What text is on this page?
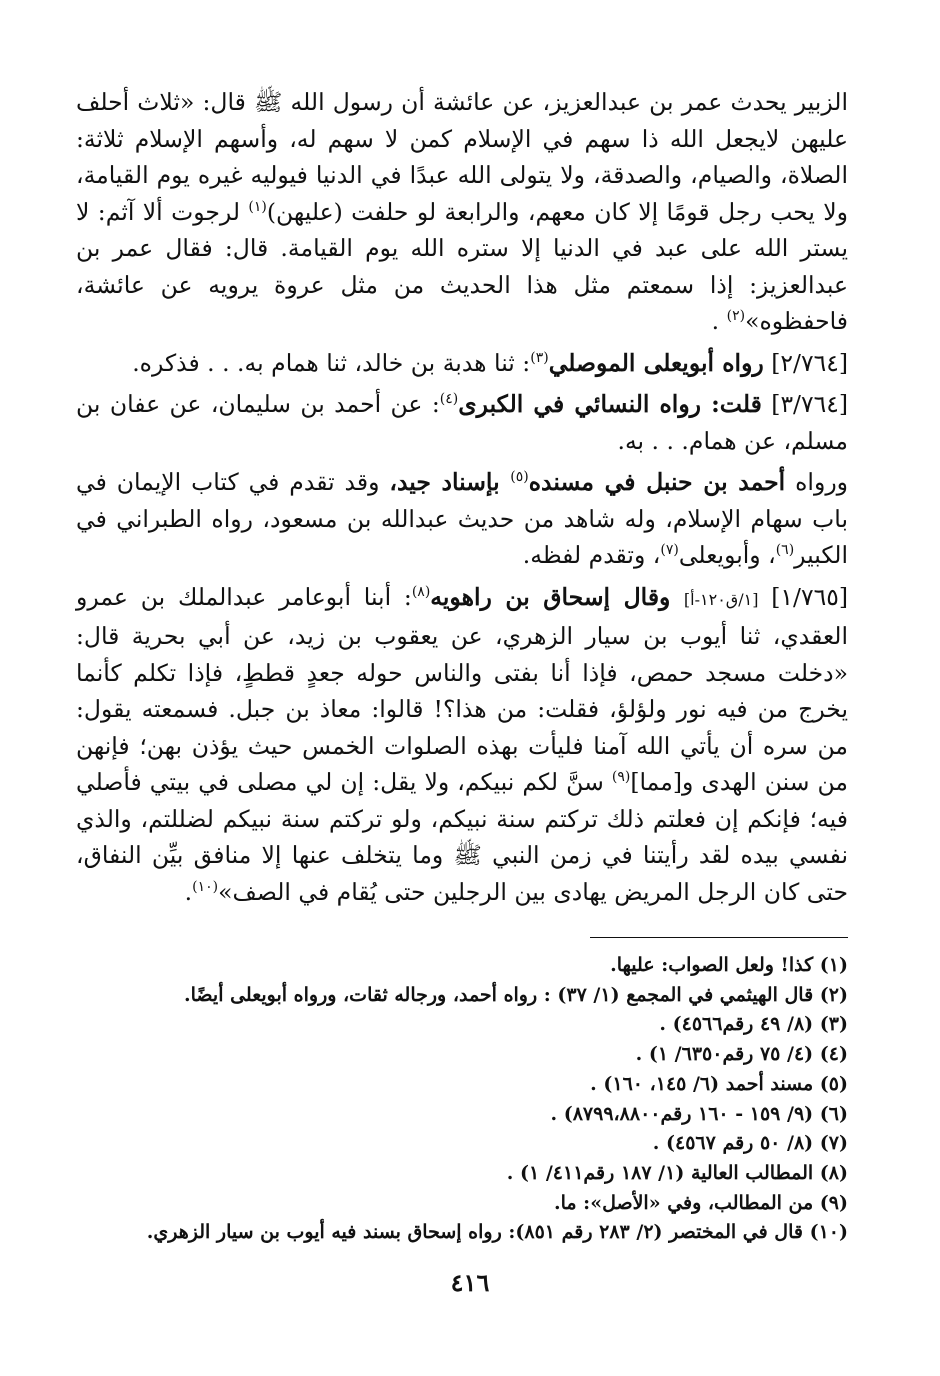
الزبير يحدث عمر بن عبدالعزيز، عن عائشة أن رسول الله ﷺ قال: «ثلاث أحلف عليهن لايجعل الله ذا سهم في الإسلام كمن لا سهم له، وأسهم الإسلام ثلاثة: الصلاة، والصيام، والصدقة، ولا يتولى الله عبدًا في الدنيا فيوليه غيره يوم القيامة، ولا يحب رجل قومًا إلا كان معهم، والرابعة لو حلفت (عليهن)$^{(١)}$ لرجوت ألا آثم: لا يستر الله على عبد في الدنيا إلا ستره الله يوم القيامة. قال: فقال عمر بن عبدالعزيز: إذا سمعتم مثل هذا الحديث من مثل عروة يرويه عن عائشة، فاحفظوه»$^{(٢)}$ .

[٢/٧٦٤] رواه أبويعلى الموصلي$^{(٣)}$: ثنا هدبة بن خالد، ثنا همام به. . . فذكره.

[٣/٧٦٤] قلت: رواه النسائي في الكبرى$^{(٤)}$: عن أحمد بن سليمان، عن عفان بن مسلم، عن همام. . . به.

ورواه أحمد بن حنبل في مسنده$^{(٥)}$ بإسناد جيد، وقد تقدم في كتاب الإيمان في باب سهام الإسلام، وله شاهد من حديث عبدالله بن مسعود، رواه الطبراني في الكبير$^{(٦)}$، وأبويعلى$^{(٧)}$، وتقدم لفظه.

[١/٧٦٥] [١/ق١٢٠-أ] وقال إسحاق بن راهويه$^{(٨)}$: أبنا أبوعامر عبدالملك بن عمرو العقدي، ثنا أيوب بن سيار الزهري، عن يعقوب بن زيد، عن أبي بحرية قال: «دخلت مسجد حمص، فإذا أنا بفتى والناس حوله جعدٍ قططٍ، فإذا تكلم كأنما يخرج من فيه نور ولؤلؤ، فقلت: من هذا؟! قالوا: معاذ بن جبل. فسمعته يقول: من سره أن يأتي الله آمنا فليأت بهذه الصلوات الخمس حيث يؤذن بهن؛ فإنهن من سنن الهدى و[مما]$^{(٩)}$ سنَّ لكم نبيكم، ولا يقل: إن لي مصلى في بيتي فأصلي فيه؛ فإنكم إن فعلتم ذلك تركتم سنة نبيكم، ولو تركتم سنة نبيكم لضللتم، والذي نفسي بيده لقد رأيتنا في زمن النبي ﷺ وما يتخلف عنها إلا منافق بيِّن النفاق، حتى كان الرجل المريض يهادى بين الرجلين حتى يُقام في الصف»$^{(١٠)}$.

(١) كذا! ولعل الصواب: عليها.
(٢) قال الهيثمي في المجمع (١/ ٣٧) : رواه أحمد، ورجاله ثقات، ورواه أبويعلى أيضًا.
(٣) (٨/ ٤٩ رقم٤٥٦٦) .
(٤) (٤/ ٧٥ رقم٦٣٥٠/ ١) .
(٥) مسند أحمد (٦/ ١٤٥، ١٦٠) .
(٦) (٩/ ١٥٩ - ١٦٠ رقم٨٧٩٩،٨٨٠٠) .
(٧) (٨/ ٥٠ رقم ٤٥٦٧) .
(٨) المطالب العالية (١/ ١٨٧ رقم٤١١/ ١) .
(٩) من المطالب، وفي «الأصل»: ما.
(١٠) قال في المختصر (٢/ ٢٨٣ رقم ٨٥١): رواه إسحاق بسند فيه أيوب بن سيار الزهري.
٤١٦
